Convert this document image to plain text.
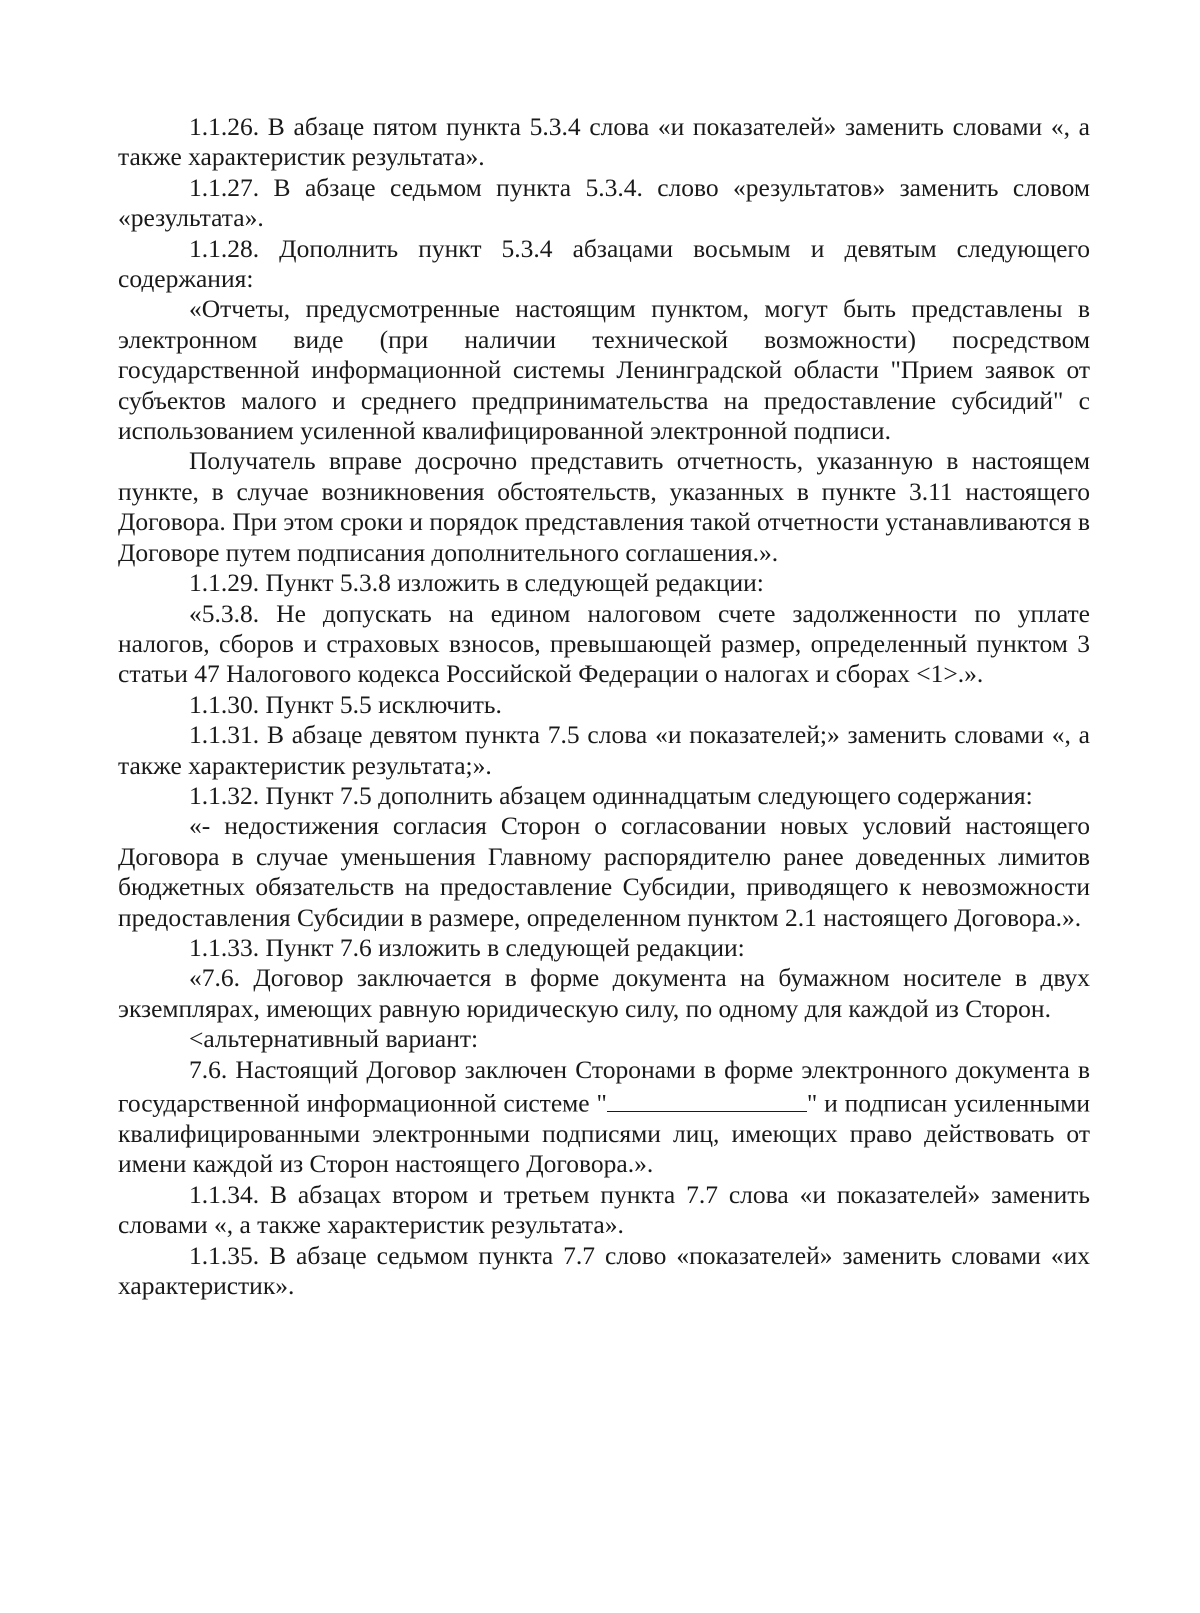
1.1.26. В абзаце пятом пункта 5.3.4 слова «и показателей» заменить словами «, а также характеристик результата».

1.1.27. В абзаце седьмом пункта 5.3.4. слово «результатов» заменить словом «результата».

1.1.28. Дополнить пункт 5.3.4 абзацами восьмым и девятым следующего содержания:

«Отчеты, предусмотренные настоящим пунктом, могут быть представлены в электронном виде (при наличии технической возможности) посредством государственной информационной системы Ленинградской области "Прием заявок от субъектов малого и среднего предпринимательства на предоставление субсидий" с использованием усиленной квалифицированной электронной подписи.

Получатель вправе досрочно представить отчетность, указанную в настоящем пункте, в случае возникновения обстоятельств, указанных в пункте 3.11 настоящего Договора. При этом сроки и порядок представления такой отчетности устанавливаются в Договоре путем подписания дополнительного соглашения.».

1.1.29. Пункт 5.3.8 изложить в следующей редакции:

«5.3.8. Не допускать на едином налоговом счете задолженности по уплате налогов, сборов и страховых взносов, превышающей размер, определенный пунктом 3 статьи 47 Налогового кодекса Российской Федерации о налогах и сборах <1>.».

1.1.30. Пункт 5.5 исключить.

1.1.31. В абзаце девятом пункта 7.5 слова «и показателей;» заменить словами «, а также характеристик результата;».

1.1.32. Пункт 7.5 дополнить абзацем одиннадцатым следующего содержания:

«- недостижения согласия Сторон о согласовании новых условий настоящего Договора в случае уменьшения Главному распорядителю ранее доведенных лимитов бюджетных обязательств на предоставление Субсидии, приводящего к невозможности предоставления Субсидии в размере, определенном пунктом 2.1 настоящего Договора.».

1.1.33. Пункт 7.6 изложить в следующей редакции:

«7.6. Договор заключается в форме документа на бумажном носителе в двух экземплярах, имеющих равную юридическую силу, по одному для каждой из Сторон.

<альтернативный вариант:

7.6. Настоящий Договор заключен Сторонами в форме электронного документа в государственной информационной системе "	" и подписан усиленными квалифицированными электронными подписями лиц, имеющих право действовать от имени каждой из Сторон настоящего Договора.».

1.1.34. В абзацах втором и третьем пункта 7.7 слова «и показателей» заменить словами «, а также характеристик результата».

1.1.35. В абзаце седьмом пункта 7.7 слово «показателей» заменить словами «их характеристик».
